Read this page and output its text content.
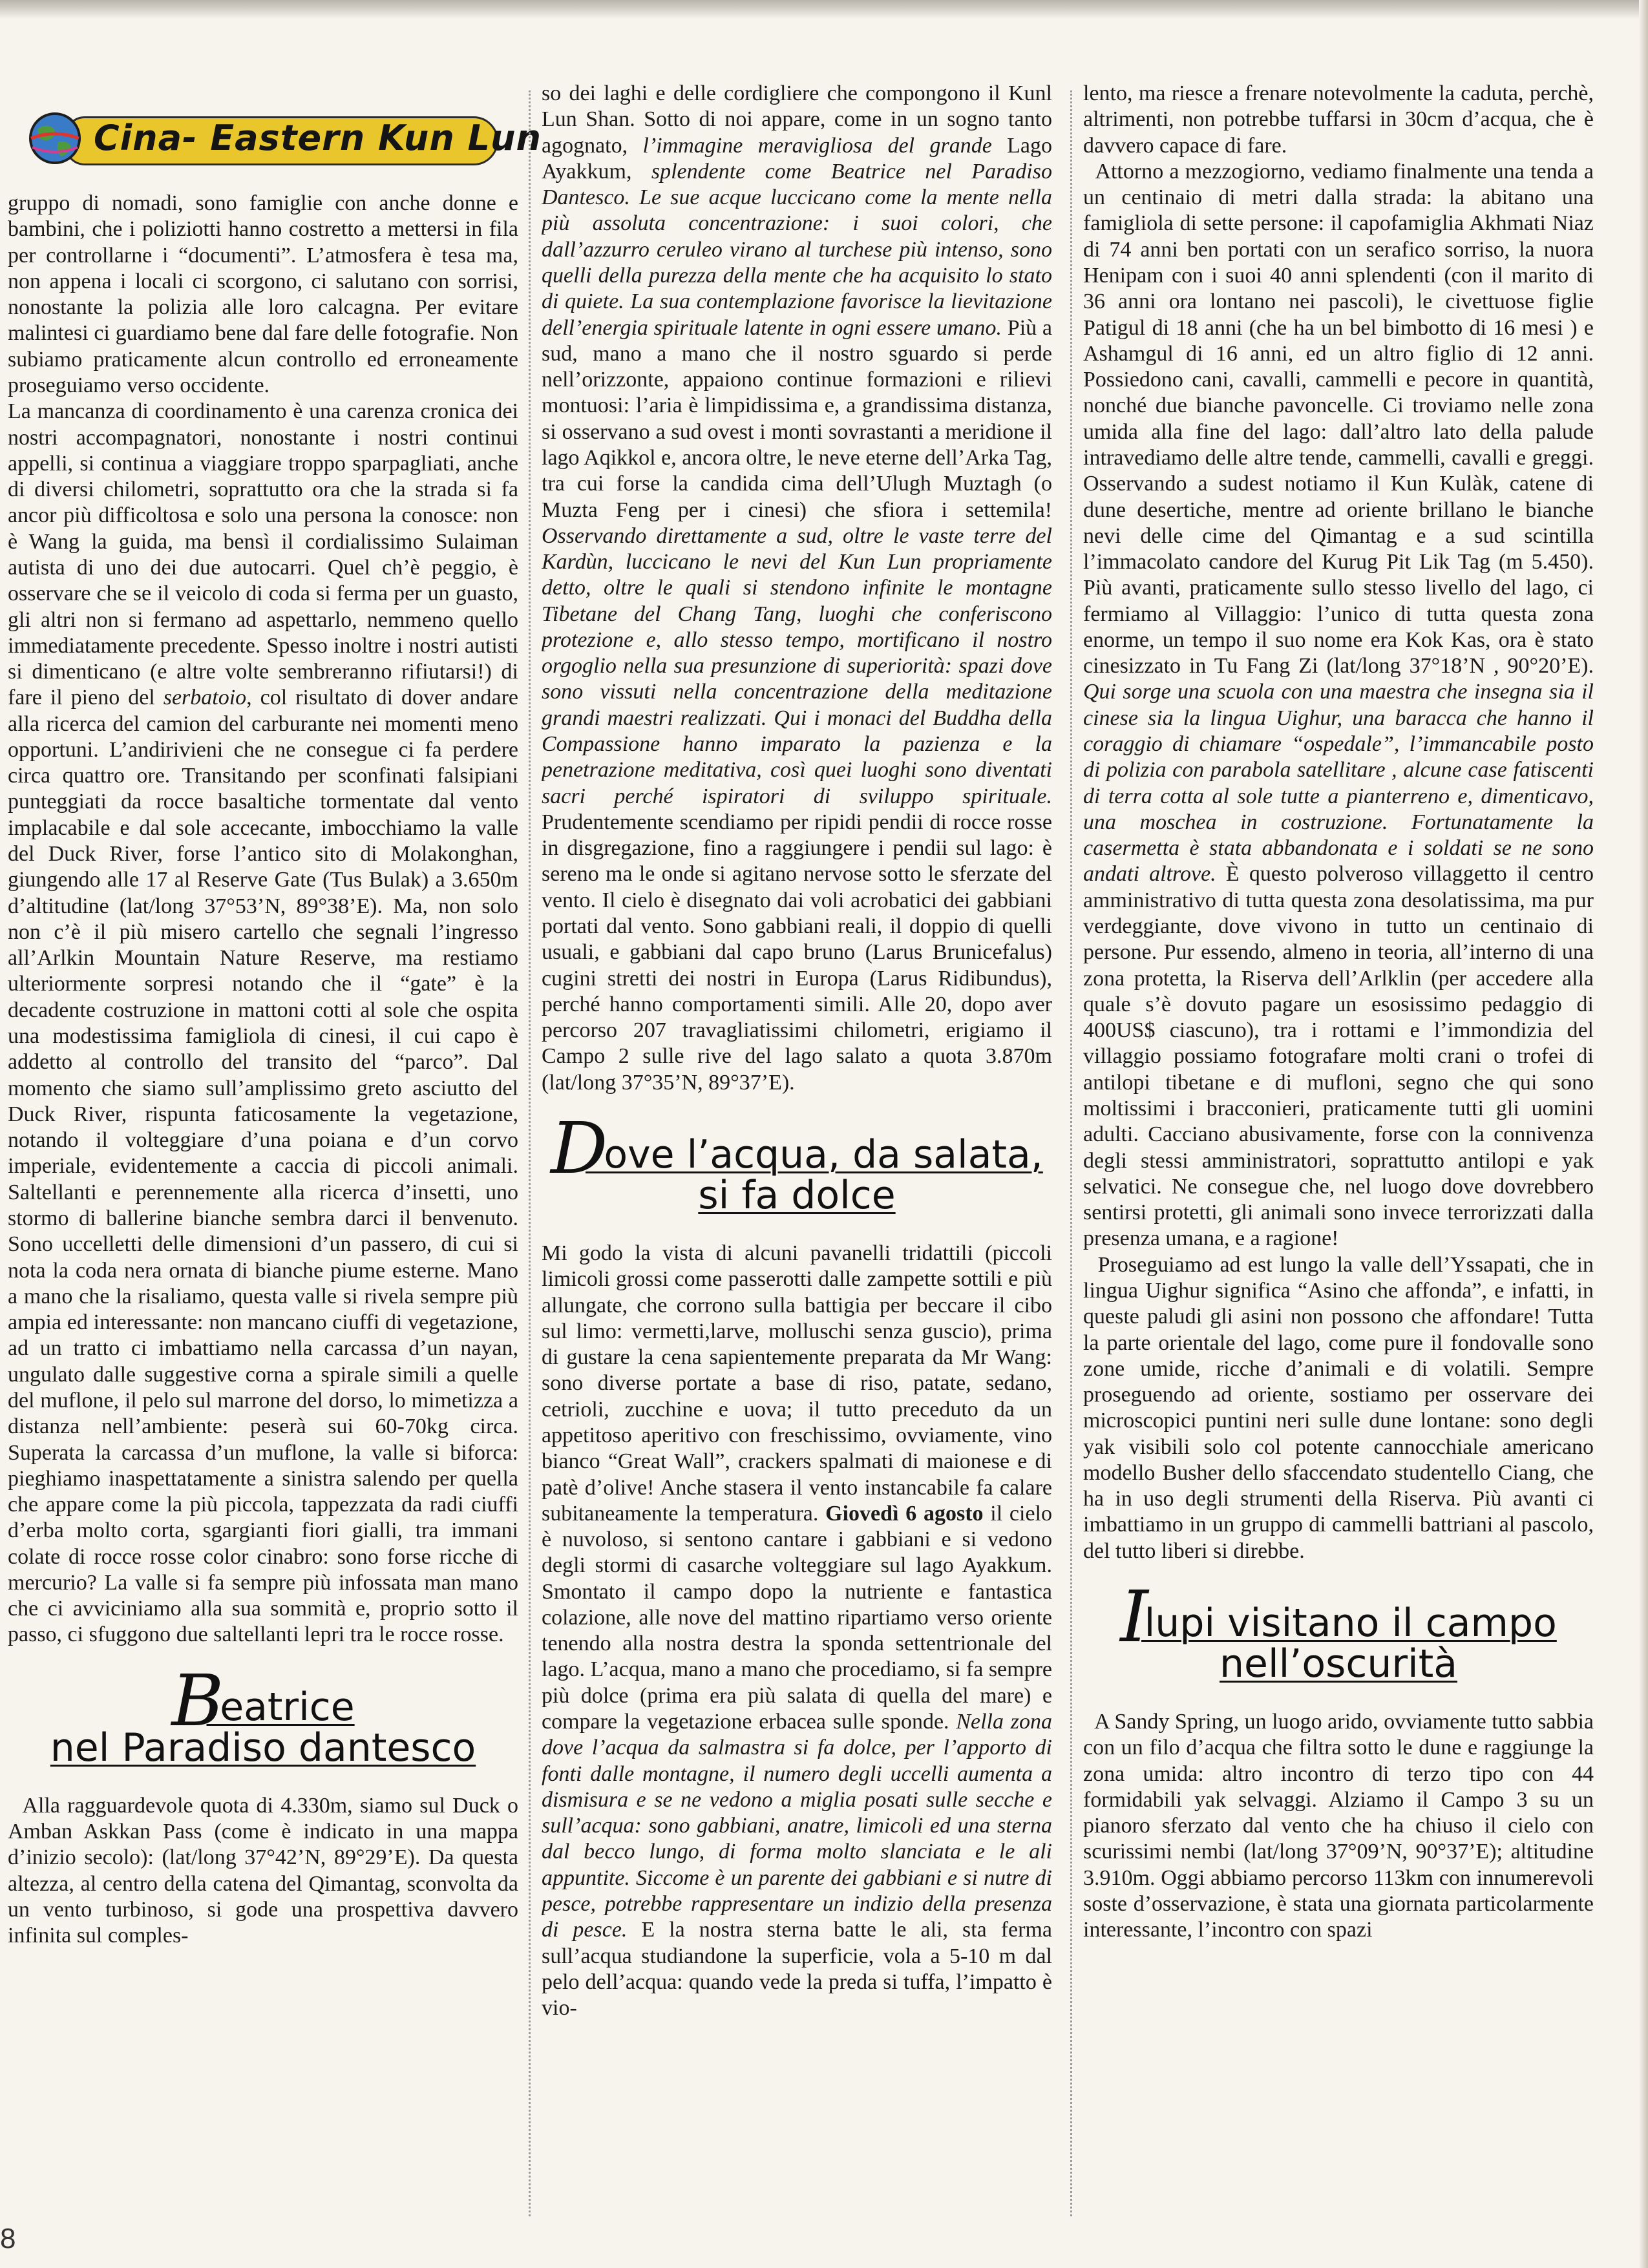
Cina- Eastern Kun Lun

gruppo di nomadi, sono famiglie con anche donne e bambini, che i poliziotti hanno costretto a mettersi in fila per controllarne i “documenti”. L’atmosfera è tesa ma, non appena i locali ci scorgono, ci salutano con sorrisi, nonostante la polizia alle loro calcagna. Per evitare malintesi ci guardiamo bene dal fare delle fotografie. Non subiamo praticamente alcun controllo ed erroneamente proseguiamo verso occidente.

La mancanza di coordinamento è una carenza cronica dei nostri accompagnatori, nonostante i nostri continui appelli, si continua a viaggiare troppo sparpagliati, anche di diversi chilometri, soprattutto ora che la strada si fa ancor più difficoltosa e solo una persona la conosce: non è Wang la guida, ma bensì il cordialissimo Sulaiman autista di uno dei due autocarri. Quel ch’è peggio, è osservare che se il veicolo di coda si ferma per un guasto, gli altri non si fermano ad aspettarlo, nemmeno quello immediatamente precedente. Spesso inoltre i nostri autisti si dimenticano (e altre volte sembreranno rifiutarsi!) di fare il pieno del serbatoio, col risultato di dover andare alla ricerca del camion del carburante nei momenti meno opportuni. L’andirivieni che ne consegue ci fa perdere circa quattro ore. Transitando per sconfinati falsipiani punteggiati da rocce basaltiche tormentate dal vento implacabile e dal sole accecante, imbocchiamo la valle del Duck River, forse l’antico sito di Molakonghan, giungendo alle 17 al Reserve Gate (Tus Bulak) a 3.650m d’altitudine (lat/long 37°53’N, 89°38’E). Ma, non solo non c’è il più misero cartello che segnali l’ingresso all’Arlkin Mountain Nature Reserve, ma restiamo ulteriormente sorpresi notando che il “gate” è la decadente costruzione in mattoni cotti al sole che ospita una modestissima famigliola di cinesi, il cui capo è addetto al controllo del transito del “parco”. Dal momento che siamo sull’amplissimo greto asciutto del Duck River, rispunta faticosamente la vegetazione, notando il volteggiare d’una poiana e d’un corvo imperiale, evidentemente a caccia di piccoli animali. Saltellanti e perennemente alla ricerca d’insetti, uno stormo di ballerine bianche sembra darci il benvenuto. Sono uccelletti delle dimensioni d’un passero, di cui si nota la coda nera ornata di bianche piume esterne. Mano a mano che la risaliamo, questa valle si rivela sempre più ampia ed interessante: non mancano ciuffi di vegetazione, ad un tratto ci imbattiamo nella carcassa d’un nayan, ungulato dalle suggestive corna a spirale simili a quelle del muflone, il pelo sul marrone del dorso, lo mimetizza a distanza nell’ambiente: peserà sui 60-70kg circa. Superata la carcassa d’un muflone, la valle si biforca: pieghiamo inaspettatamente a sinistra salendo per quella che appare come la più piccola, tappezzata da radi ciuffi d’erba molto corta, sgargianti fiori gialli, tra immani colate di rocce rosse color cinabro: sono forse ricche di mercurio? La valle si fa sempre più infossata man mano che ci avviciniamo alla sua sommità e, proprio sotto il passo, ci sfuggono due saltellanti lepri tra le rocce rosse.

Beatrice
nel Paradiso dantesco

Alla ragguardevole quota di 4.330m, siamo sul Duck o Amban Askkan Pass (come è indicato in una mappa d’inizio secolo): (lat/long 37°42’N, 89°29’E). Da questa altezza, al centro della catena del Qimantag, sconvolta da un vento turbinoso, si gode una prospettiva davvero infinita sul comples-

so dei laghi e delle cordigliere che compongono il Kunl Lun Shan. Sotto di noi appare, come in un sogno tanto agognato, l’immagine meravigliosa del grande Lago Ayakkum, splendente come Beatrice nel Paradiso Dantesco. Le sue acque luccicano come la mente nella più assoluta concentrazione: i suoi colori, che dall’azzurro ceruleo virano al turchese più intenso, sono quelli della purezza della mente che ha acquisito lo stato di quiete. La sua contemplazione favorisce la lievitazione dell’energia spirituale latente in ogni essere umano. Più a sud, mano a mano che il nostro sguardo si perde nell’orizzonte, appaiono continue formazioni e rilievi montuosi: l’aria è limpidissima e, a grandissima distanza, si osservano a sud ovest i monti sovrastanti a meridione il lago Aqikkol e, ancora oltre, le neve eterne dell’Arka Tag, tra cui forse la candida cima dell’Ulugh Muztagh (o Muzta Feng per i cinesi) che sfiora i settemila! Osservando direttamente a sud, oltre le vaste terre del Kardùn, luccicano le nevi del Kun Lun propriamente detto, oltre le quali si stendono infinite le montagne Tibetane del Chang Tang, luoghi che conferiscono protezione e, allo stesso tempo, mortificano il nostro orgoglio nella sua presunzione di superiorità: spazi dove sono vissuti nella concentrazione della meditazione grandi maestri realizzati. Qui i monaci del Buddha della Compassione hanno imparato la pazienza e la penetrazione meditativa, così quei luoghi sono diventati sacri perché ispiratori di sviluppo spirituale. Prudentemente scendiamo per ripidi pendii di rocce rosse in disgregazione, fino a raggiungere i pendii sul lago: è sereno ma le onde si agitano nervose sotto le sferzate del vento. Il cielo è disegnato dai voli acrobatici dei gabbiani portati dal vento. Sono gabbiani reali, il doppio di quelli usuali, e gabbiani dal capo bruno (Larus Brunicefalus) cugini stretti dei nostri in Europa (Larus Ridibundus), perché hanno comportamenti simili. Alle 20, dopo aver percorso 207 travagliatissimi chilometri, erigiamo il Campo 2 sulle rive del lago salato a quota 3.870m (lat/long 37°35’N, 89°37’E).

Dove l’acqua, da salata,
si fa dolce

Mi godo la vista di alcuni pavanelli tridattili (piccoli limicoli grossi come passerotti dalle zampette sottili e più allungate, che corrono sulla battigia per beccare il cibo sul limo: vermetti,larve, molluschi senza guscio), prima di gustare la cena sapientemente preparata da Mr Wang: sono diverse portate a base di riso, patate, sedano, cetrioli, zucchine e uova; il tutto preceduto da un appetitoso aperitivo con freschissimo, ovviamente, vino bianco “Great Wall”, crackers spalmati di maionese e di patè d’olive! Anche stasera il vento instancabile fa calare subitaneamente la temperatura. Giovedì 6 agosto il cielo è nuvoloso, si sentono cantare i gabbiani e si vedono degli stormi di casarche volteggiare sul lago Ayakkum. Smontato il campo dopo la nutriente e fantastica colazione, alle nove del mattino ripartiamo verso oriente tenendo alla nostra destra la sponda settentrionale del lago. L’acqua, mano a mano che procediamo, si fa sempre più dolce (prima era più salata di quella del mare) e compare la vegetazione erbacea sulle sponde. Nella zona dove l’acqua da salmastra si fa dolce, per l’apporto di fonti dalle montagne, il numero degli uccelli aumenta a dismisura e se ne vedono a miglia posati sulle secche e sull’acqua: sono gabbiani, anatre, limicoli ed una sterna dal becco lungo, di forma molto slanciata e le ali appuntite. Siccome è un parente dei gabbiani e si nutre di pesce, potrebbe rappresentare un indizio della presenza di pesce. E la nostra sterna batte le ali, sta ferma sull’acqua studiandone la superficie, vola a 5-10 m dal pelo dell’acqua: quando vede la preda si tuffa, l’impatto è vio-

lento, ma riesce a frenare notevolmente la caduta, perchè, altrimenti, non potrebbe tuffarsi in 30cm d’acqua, che è davvero capace di fare.

Attorno a mezzogiorno, vediamo finalmente una tenda a un centinaio di metri dalla strada: la abitano una famigliola di sette persone: il capofamiglia Akhmati Niaz di 74 anni ben portati con un serafico sorriso, la nuora Henipam con i suoi 40 anni splendenti (con il marito di 36 anni ora lontano nei pascoli), le civettuose figlie Patigul di 18 anni (che ha un bel bimbotto di 16 mesi ) e Ashamgul di 16 anni, ed un altro figlio di 12 anni. Possiedono cani, cavalli, cammelli e pecore in quantità, nonché due bianche pavoncelle. Ci troviamo nelle zona umida alla fine del lago: dall’altro lato della palude intravediamo delle altre tende, cammelli, cavalli e greggi. Osservando a sudest notiamo il Kun Kulàk, catene di dune desertiche, mentre ad oriente brillano le bianche nevi delle cime del Qimantag e a sud scintilla l’immacolato candore del Kurug Pit Lik Tag (m 5.450). Più avanti, praticamente sullo stesso livello del lago, ci fermiamo al Villaggio: l’unico di tutta questa zona enorme, un tempo il suo nome era Kok Kas, ora è stato cinesizzato in Tu Fang Zi (lat/long 37°18’N , 90°20’E). Qui sorge una scuola con una maestra che insegna sia il cinese sia la lingua Uighur, una baracca che hanno il coraggio di chiamare “ospedale”, l’immancabile posto di polizia con parabola satellitare , alcune case fatiscenti di terra cotta al sole tutte a pianterreno e, dimenticavo, una moschea in costruzione. Fortunatamente la casermetta è stata abbandonata e i soldati se ne sono andati altrove. È questo polveroso villaggetto il centro amministrativo di tutta questa zona desolatissima, ma pur verdeggiante, dove vivono in tutto un centinaio di persone. Pur essendo, almeno in teoria, all’interno di una zona protetta, la Riserva dell’Arlklin (per accedere alla quale s’è dovuto pagare un esosissimo pedaggio di 400US$ ciascuno), tra i rottami e l’immondizia del villaggio possiamo fotografare molti crani o trofei di antilopi tibetane e di mufloni, segno che qui sono moltissimi i bracconieri, praticamente tutti gli uomini adulti. Cacciano abusivamente, forse con la connivenza degli stessi amministratori, soprattutto antilopi e yak selvatici. Ne consegue che, nel luogo dove dovrebbero sentirsi protetti, gli animali sono invece terrorizzati dalla presenza umana, e a ragione!

Proseguiamo ad est lungo la valle dell’Yssapati, che in lingua Uighur significa “Asino che affonda”, e infatti, in queste paludi gli asini non possono che affondare! Tutta la parte orientale del lago, come pure il fondovalle sono zone umide, ricche d’animali e di volatili. Sempre proseguendo ad oriente, sostiamo per osservare dei microscopici puntini neri sulle dune lontane: sono degli yak visibili solo col potente cannocchiale americano modello Busher dello sfaccendato studentello Ciang, che ha in uso degli strumenti della Riserva. Più avanti ci imbattiamo in un gruppo di cammelli battriani al pascolo, del tutto liberi si direbbe.

Ilupi visitano il campo
nell’oscurità

A Sandy Spring, un luogo arido, ovviamente tutto sabbia con un filo d’acqua che filtra sotto le dune e raggiunge la zona umida: altro incontro di terzo tipo con 44 formidabili yak selvaggi. Alziamo il Campo 3 su un pianoro sferzato dal vento che ha chiuso il cielo con scurissimi nembi (lat/long 37°09’N, 90°37’E); altitudine 3.910m. Oggi abbiamo percorso 113km con innumerevoli soste d’osservazione, è stata una giornata particolarmente interessante, l’incontro con spazi

8
